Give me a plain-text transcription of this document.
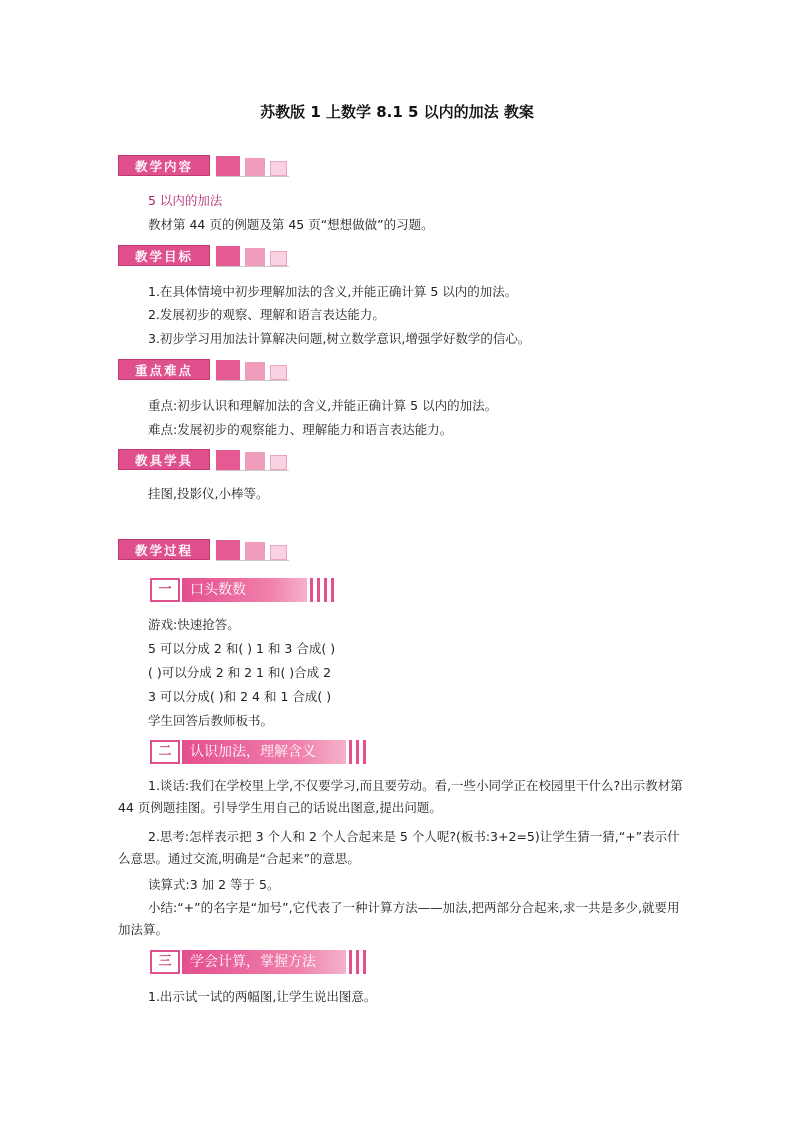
苏教版 1 上数学 8.1 5 以内的加法 教案
教学内容
5 以内的加法
教材第 44 页的例题及第 45 页“想想做做”的习题。
教学目标
1.在具体情境中初步理解加法的含义,并能正确计算 5 以内的加法。
2.发展初步的观察、理解和语言表达能力。
3.初步学习用加法计算解决问题,树立数学意识,增强学好数学的信心。
重点难点
重点:初步认识和理解加法的含义,并能正确计算 5 以内的加法。
难点:发展初步的观察能力、理解能力和语言表达能力。
教具学具
挂图,投影仪,小棒等。
教学过程
一	口头数数
游戏:快速抢答。
5 可以分成 2 和( ) 1 和 3 合成( )
( )可以分成 2 和 2 1 和( )合成 2
3 可以分成( )和 2 4 和 1 合成( )
学生回答后教师板书。
二	认识加法，理解含义
1.谈话:我们在学校里上学,不仅要学习,而且要劳动。看,一些小同学正在校园里干什么?出示教材第 44 页例题挂图。引导学生用自己的话说出图意,提出问题。
2.思考:怎样表示把 3 个人和 2 个人合起来是 5 个人呢?(板书:3+2=5)让学生猜一猜,“+”表示什么意思。通过交流,明确是“合起来”的意思。
读算式:3 加 2 等于 5。
小结:“+”的名字是“加号”,它代表了一种计算方法——加法,把两部分合起来,求一共是多少,就要用加法算。
三	学会计算，掌握方法
1.出示试一试的两幅图,让学生说出图意。
